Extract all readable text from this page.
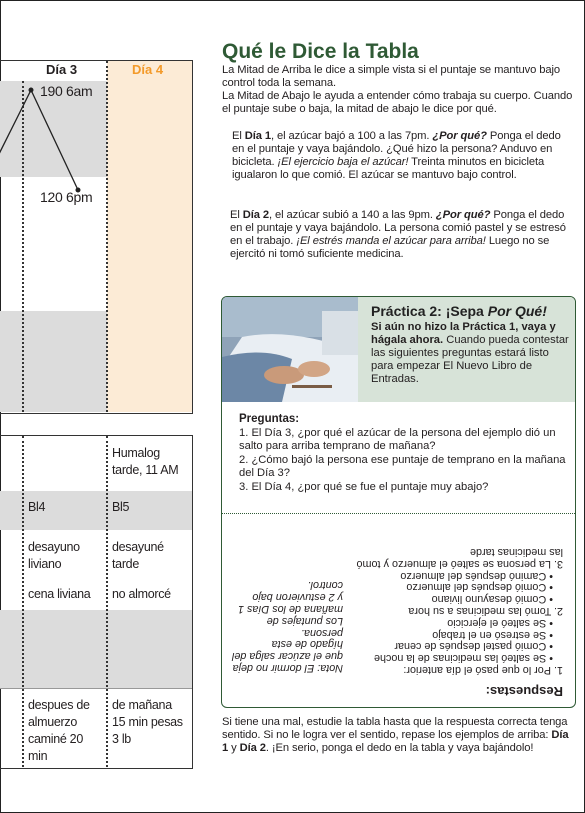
190 6am
120 6pm
Día 3	Día 4
Humalog tarde, 11 AM
Bl4	Bl5
desayuno liviano
cena liviana
desayuné tarde
no almorcé
despues de almuerzo caminé 20 min
de mañana 15 min pesas 3 lb
Qué le Dice la Tabla
La Mitad de Arriba le dice a simple vista si el puntaje se mantuvo bajo control toda la semana.
La Mitad de Abajo le ayuda a entender cómo trabaja su cuerpo. Cuando el puntaje sube o baja, la mitad de abajo le dice por qué.
El Día 1, el azúcar bajó a 100 a las 7pm. ¿Por qué? Ponga el dedo en el puntaje y vaya bajándolo. ¿Qué hizo la persona? Anduvo en bicicleta. ¡El ejercicio baja el azúcar! Treinta minutos en bicicleta igualaron lo que comió. El azúcar se mantuvo bajo control.
El Día 2, el azúcar subió a 140 a las 9pm. ¿Por qué? Ponga el dedo en el puntaje y vaya bajándolo. La persona comió pastel y se estresó en el trabajo. ¡El estrés manda el azúcar para arriba! Luego no se ejercitó ni tomó suficiente medicina.
Práctica 2: ¡Sepa Por Qué!
Si aún no hizo la Práctica 1, vaya y hágala ahora. Cuando pueda contestar las siguientes preguntas estará listo para empezar El Nuevo Libro de Entradas.
Preguntas:
1. El Día 3, ¿por qué el azúcar de la persona del ejemplo dió un salto para arriba temprano de mañana?
2. ¿Cómo bajó la persona ese puntaje de temprano en la mañana del Día 3?
3. El Día 4, ¿por qué se fue el puntaje muy abajo?
Respuestas:
1. Por lo que pasó el día anterior:
• Se salteó las medicinas de la noche
• Comió pastel después de cenar
• Se estresó en el trabajo
• Se salteó el ejercicio
2. Tomó las medicinas a su hora
• Comió desayuno liviano
• Comió después del almuerzo
• Caminó después del almuerzo
3. La persona se salteó el almuerzo y tomó las medicinas tarde
Nota: El dormir no deja que el azúcar salga del hígado de esta persona.
Los puntajes de mañana de los Días 1 y 2 estuvieron bajo control.
Si tiene una mal, estudie la tabla hasta que la respuesta correcta tenga sentido. Si no le logra ver el sentido, repase los ejemplos de arriba: Día 1 y Día 2. ¡En serio, ponga el dedo en la tabla y vaya bajándolo!
